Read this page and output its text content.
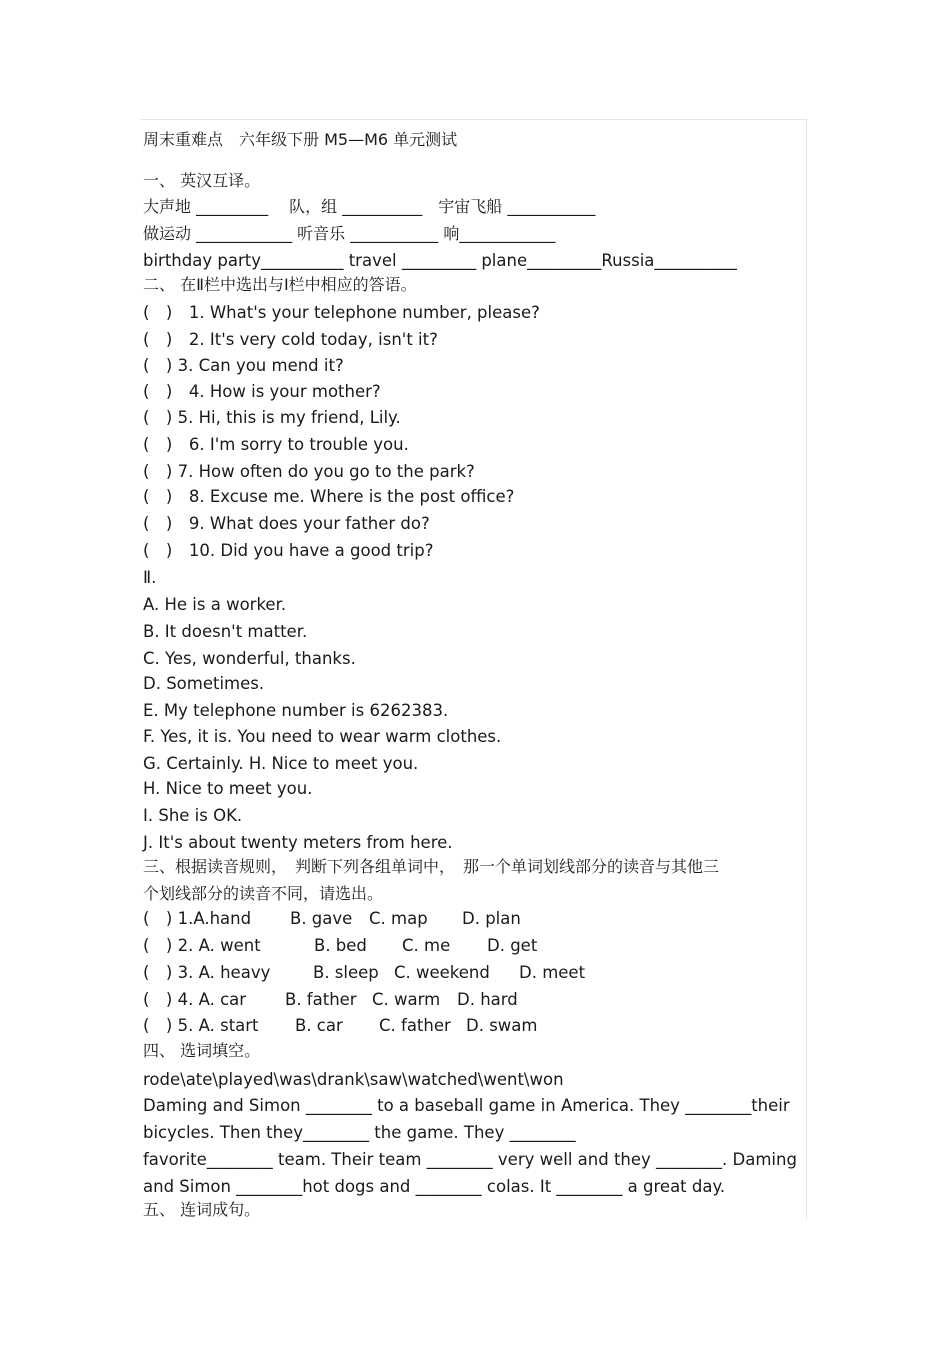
周末重难点　六年级下册 M5—M6 单元测试
一、 英汉互译。
大声地 _________　 队，组 __________　宇宙飞船 ___________
做运动 ____________ 听音乐 ___________ 响____________
birthday party__________ travel _________ plane_________Russia__________
二、 在Ⅱ栏中选出与Ⅰ栏中相应的答语。
(　)　1. What's your telephone number, please?
(　)　2. It's very cold today, isn't it?
(　) 3. Can you mend it?
(　)　4. How is your mother?
(　) 5. Hi, this is my friend, Lily.
(　)　6. I'm sorry to trouble you.
(　) 7. How often do you go to the park?
(　)　8. Excuse me. Where is the post office?
(　)　9. What does your father do?
(　)　10. Did you have a good trip?
Ⅱ.
A. He is a worker.
B. It doesn't matter.
C. Yes, wonderful, thanks.
D. Sometimes.
E. My telephone number is 6262383.
F. Yes, it is. You need to wear warm clothes.
G. Certainly. H. Nice to meet you.
H. Nice to meet you.
I. She is OK.
J. It's about twenty meters from here.
三、根据读音规则，　判断下列各组单词中，　那一个单词划线部分的读音与其他三
个划线部分的读音不同，请选出。
(　) 1.A.hand B. gave C. map D. plan
(　) 2. A. went	B. bed C. me D. get
(　) 3. A. heavy	B. sleep C. weekend D. meet
(　) 4. A. car B. father C. warm D. hard
(　) 5. A. start B. car C. father D. swam
四、 选词填空。
rode\ate\played\was\drank\saw\watched\went\won
Daming and Simon ________ to a baseball game in America. They ________their
bicycles. Then they________ the game. They ________
favorite________ team. Their team ________ very well and they ________. Daming
and Simon ________hot dogs and ________ colas. It ________ a great day.
五、 连词成句。
